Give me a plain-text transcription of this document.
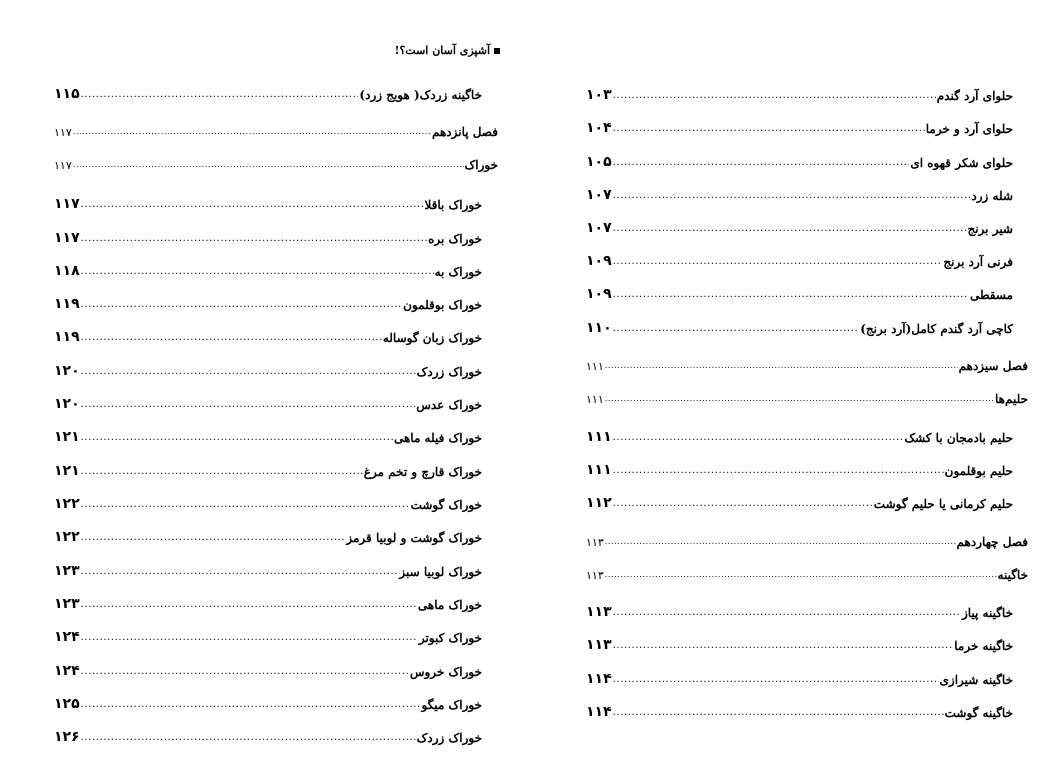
آشپزی آسان است؟!
خاگینه زردک( هویج زرد)
.....
۱۱۵
فصل پانزدهم
.....
۱۱۷
خوراک
.....
۱۱۷
خوراک باقلا
.....
۱۱۷
خوراک بره
.....
۱۱۷
خوراک به
.....
۱۱۸
خوراک بوقلمون
.....
۱۱۹
خوراک زبان گوساله
.....
۱۱۹
خوراک زردک
.....
۱۲۰
خوراک عدس
.....
۱۲۰
خوراک فیله ماهی
.....
۱۲۱
خوراک قارچ و تخم مرغ
.....
۱۲۱
خوراک گوشت
.....
۱۲۲
خوراک گوشت و لوبیا قرمز
.....
۱۲۲
خوراک لوبیا سبز
.....
۱۲۳
خوراک ماهی
.....
۱۲۳
خوراک کبوتر
.....
۱۲۴
خوراک خروس
.....
۱۲۴
خوراک میگو
.....
۱۲۵
خوراک زردک
.....
۱۲۶
حلوای آرد گندم
.....
۱۰۳
حلوای آرد و خرما
.....
۱۰۴
حلوای شکر قهوه ای
.....
۱۰۵
شله زرد
.....
۱۰۷
شیر برنج
.....
۱۰۷
فرنی آرد برنج
.....
۱۰۹
مسقطی
.....
۱۰۹
کاچی آرد گندم کامل(آرد برنج)
.....
۱۱۰
فصل سیزدهم
.....
۱۱۱
حلیم‌ها
.....
۱۱۱
حلیم بادمجان با کشک
.....
۱۱۱
حلیم بوقلمون
.....
۱۱۱
حلیم کرمانی یا حلیم گوشت
.....
۱۱۲
فصل چهاردهم
.....
۱۱۳
خاگینه
.....
۱۱۳
خاگینه پیاز
.....
۱۱۳
خاگینه خرما
.....
۱۱۳
خاگینه شیرازی
.....
۱۱۴
خاگینه گوشت
.....
۱۱۴
